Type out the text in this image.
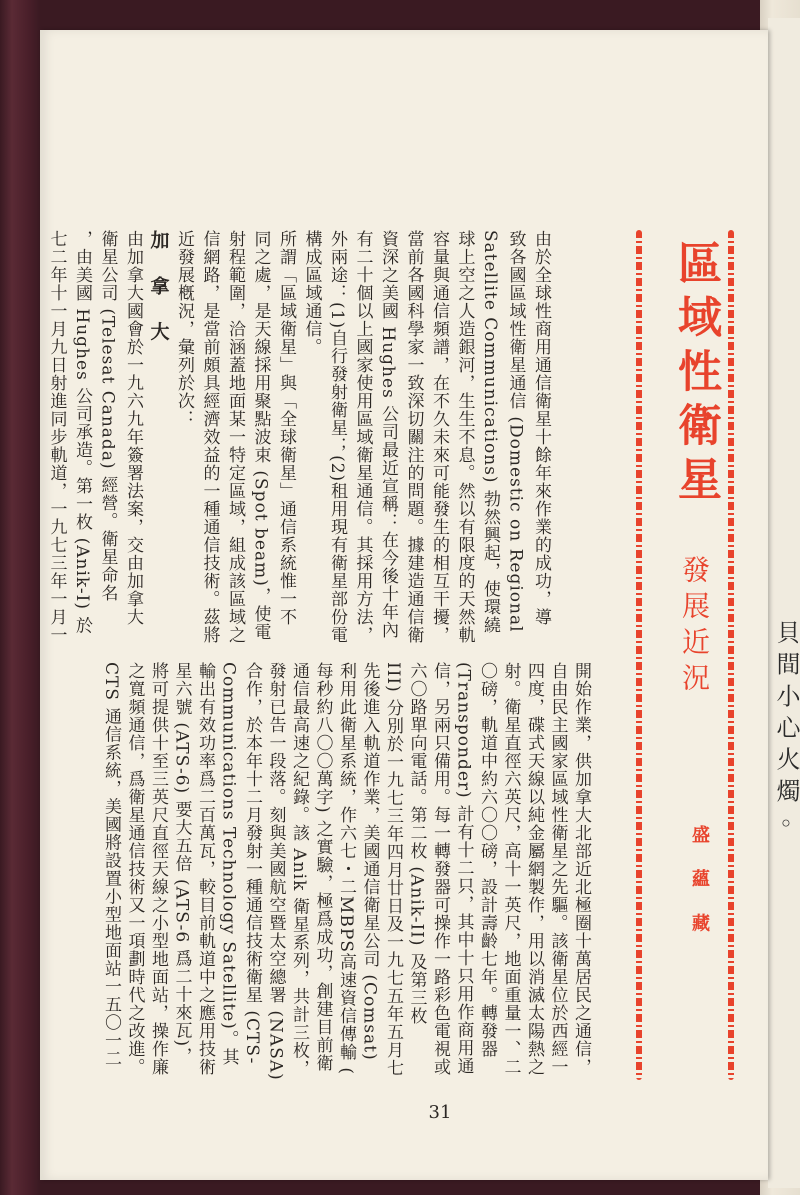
貝 間 小 心 火 燭 ◦
由於全球性商用通信衛星十餘年來作業的成功，導
致各國區域性衛星通信 (Domestic on Regional
Satellite Communications) 勃然興起，使環繞
球上空之人造銀河，生生不息。然以有限度的天然軌
容量與通信頻譜，在不久未來可能發生的相互干擾，
當前各國科學家一致深切關注的問題。據建造通信衛
資深之美國 Hughes 公司最近宣稱：在今後十年內
有二十個以上國家使用區域衛星通信。其採用方法，
外兩途：(1)自行發射衛星；(2)租用現有衛星部份電
構成區域通信。
所謂「區域衛星」與「全球衛星」通信系統惟一不
同之處，是天線採用聚點波束 (Spot beam)，使電
射程範圍，洽涵蓋地面某一特定區域，組成該區域之
信網路，是當前頗具經濟效益的一種通信技術。茲將
近發展槪況，彙列於次：
加 拿 大
由加拿大國會於一九六九年簽署法案，交由加拿大
衛星公司 (Telesat Canada) 經營。衛星命名
，由美國 Hughes 公司承造。第一枚 (Anik-I) 於
七二年十一月九日射進同步軌道，一九七三年一月一
開始作業，供加拿大北部近北極圈十萬居民之通信，
自由民主國家區域性衛星之先驅。該衛星位於西經一
四度，碟式天線以純金屬網製作，用以消滅太陽熱之
射。衛星直徑六英尺，高十一英尺，地面重量一、二
〇磅，軌道中約六〇〇磅，設計壽齡七年。轉發器
(Transponder) 計有十二只，其中十只用作商用通
信，另兩只備用。每一轉發器可操作一路彩色電視或
六〇路單向電話。第二枚 (Anik-II) 及第三枚
III) 分別於一九七三年四月廿日及一九七五年五月七
先後進入軌道作業，美國通信衛星公司 (Comsat)
利用此衛星系統，作六七・二MBPS高速資信傳輸 (
每秒約八〇〇萬字) 之實驗，極爲成功，創建目前衛
通信最高速之紀錄。該 Anik 衛星系列，共計三枚，
發射已告一段落。刻與美國航空暨太空總署 (NASA)
合作，於本年十二月發射一種通信技術衛星 (CTS-
Communications Technology Satellite)。其
輸出有效功率爲二百萬瓦，較目前軌道中之應用技術
星六號 (ATS-6) 要大五倍 (ATS-6 爲二十來瓦)，
將可提供十至三英尺直徑天線之小型地面站，操作廉
之寬頻通信，爲衛星通信技術又一項劃時代之改進。
CTS 通信系統，美國將設置小型地面站一五〇一二
區域性衛星
發展近況
盛 蘊 藏
31
